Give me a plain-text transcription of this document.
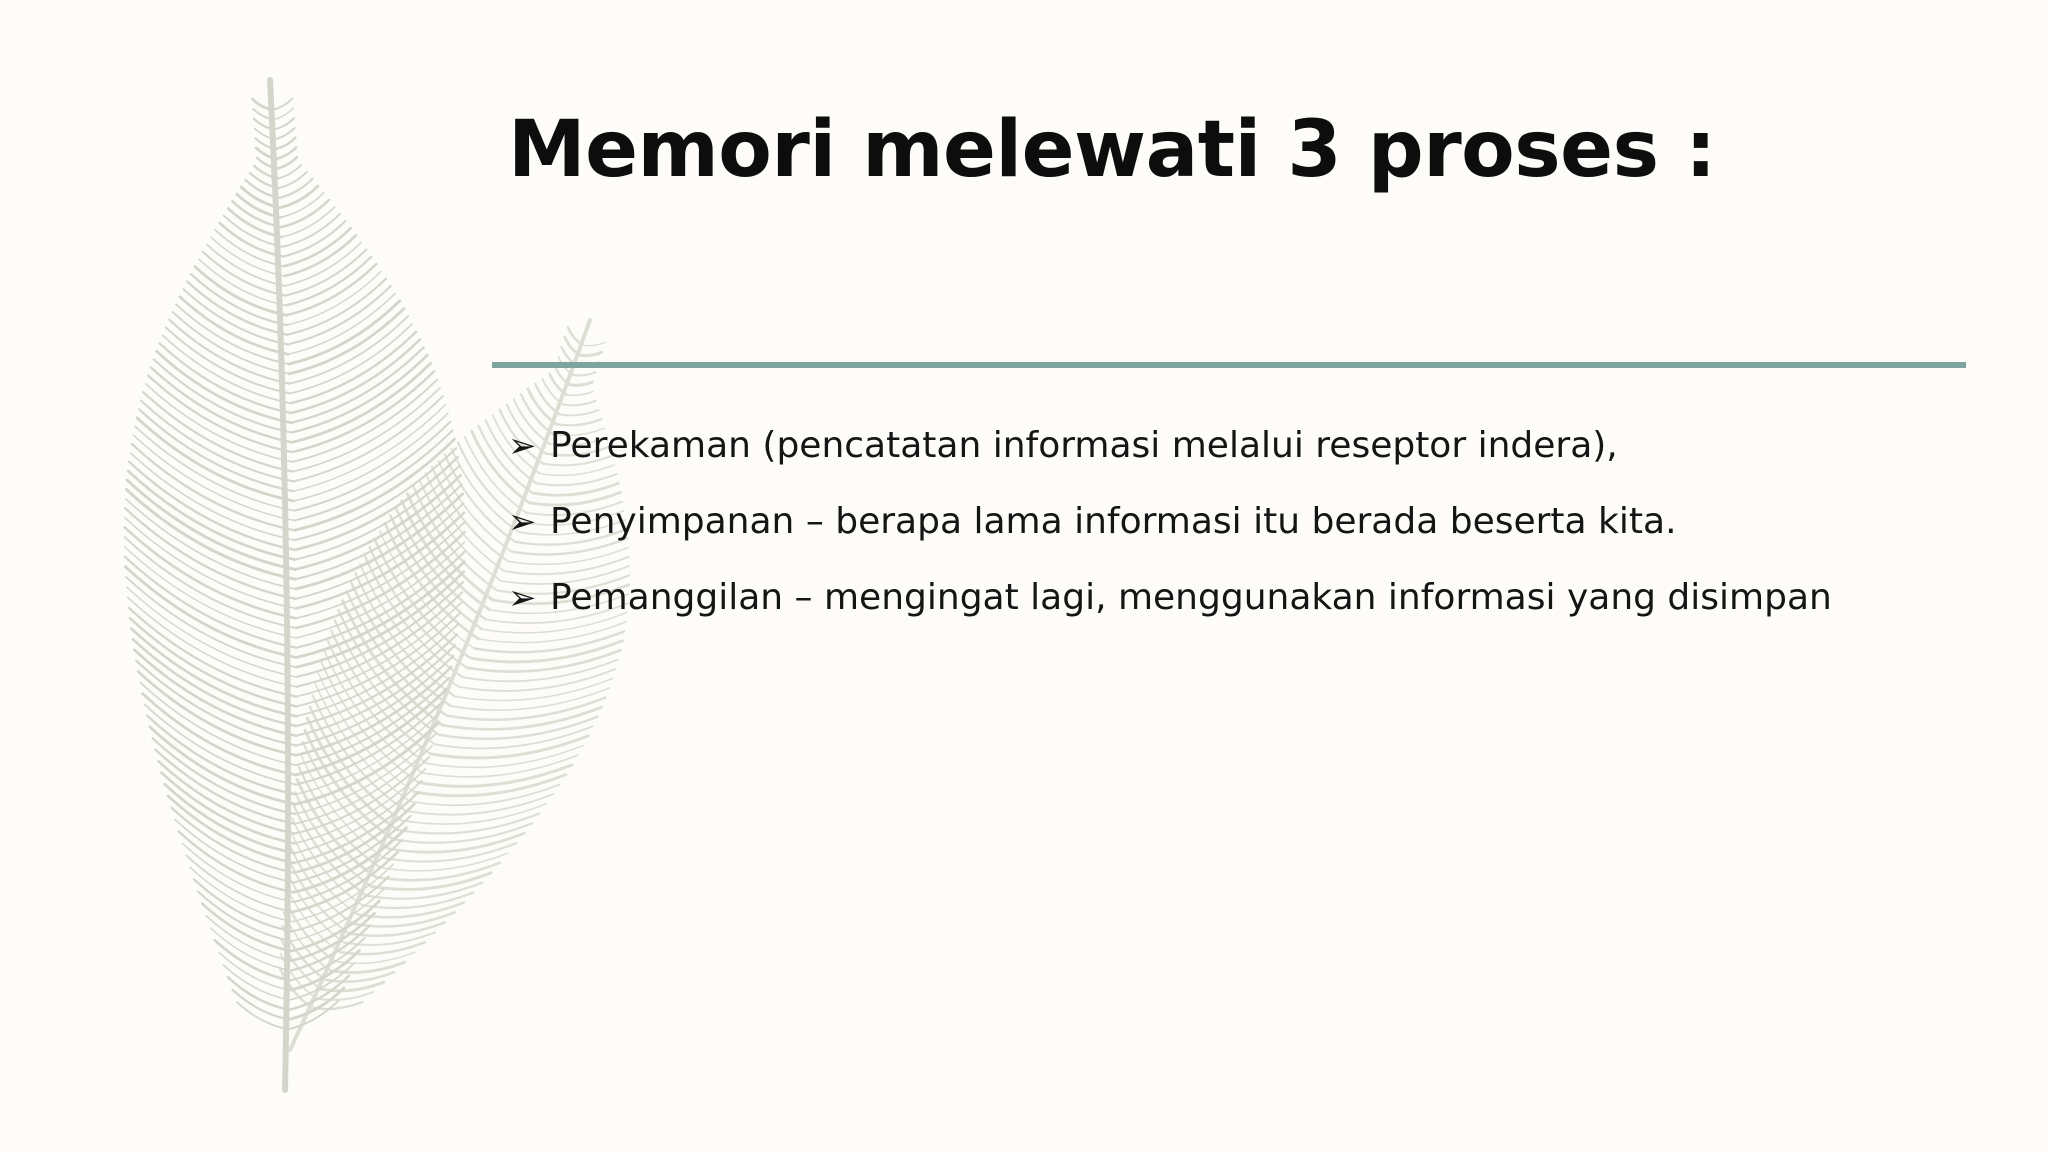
Memori melewati 3 proses :
➢ Perekaman (pencatatan informasi melalui reseptor indera),
➢ Penyimpanan – berapa lama informasi itu berada beserta kita.
➢ Pemanggilan – mengingat lagi, menggunakan informasi yang disimpan
